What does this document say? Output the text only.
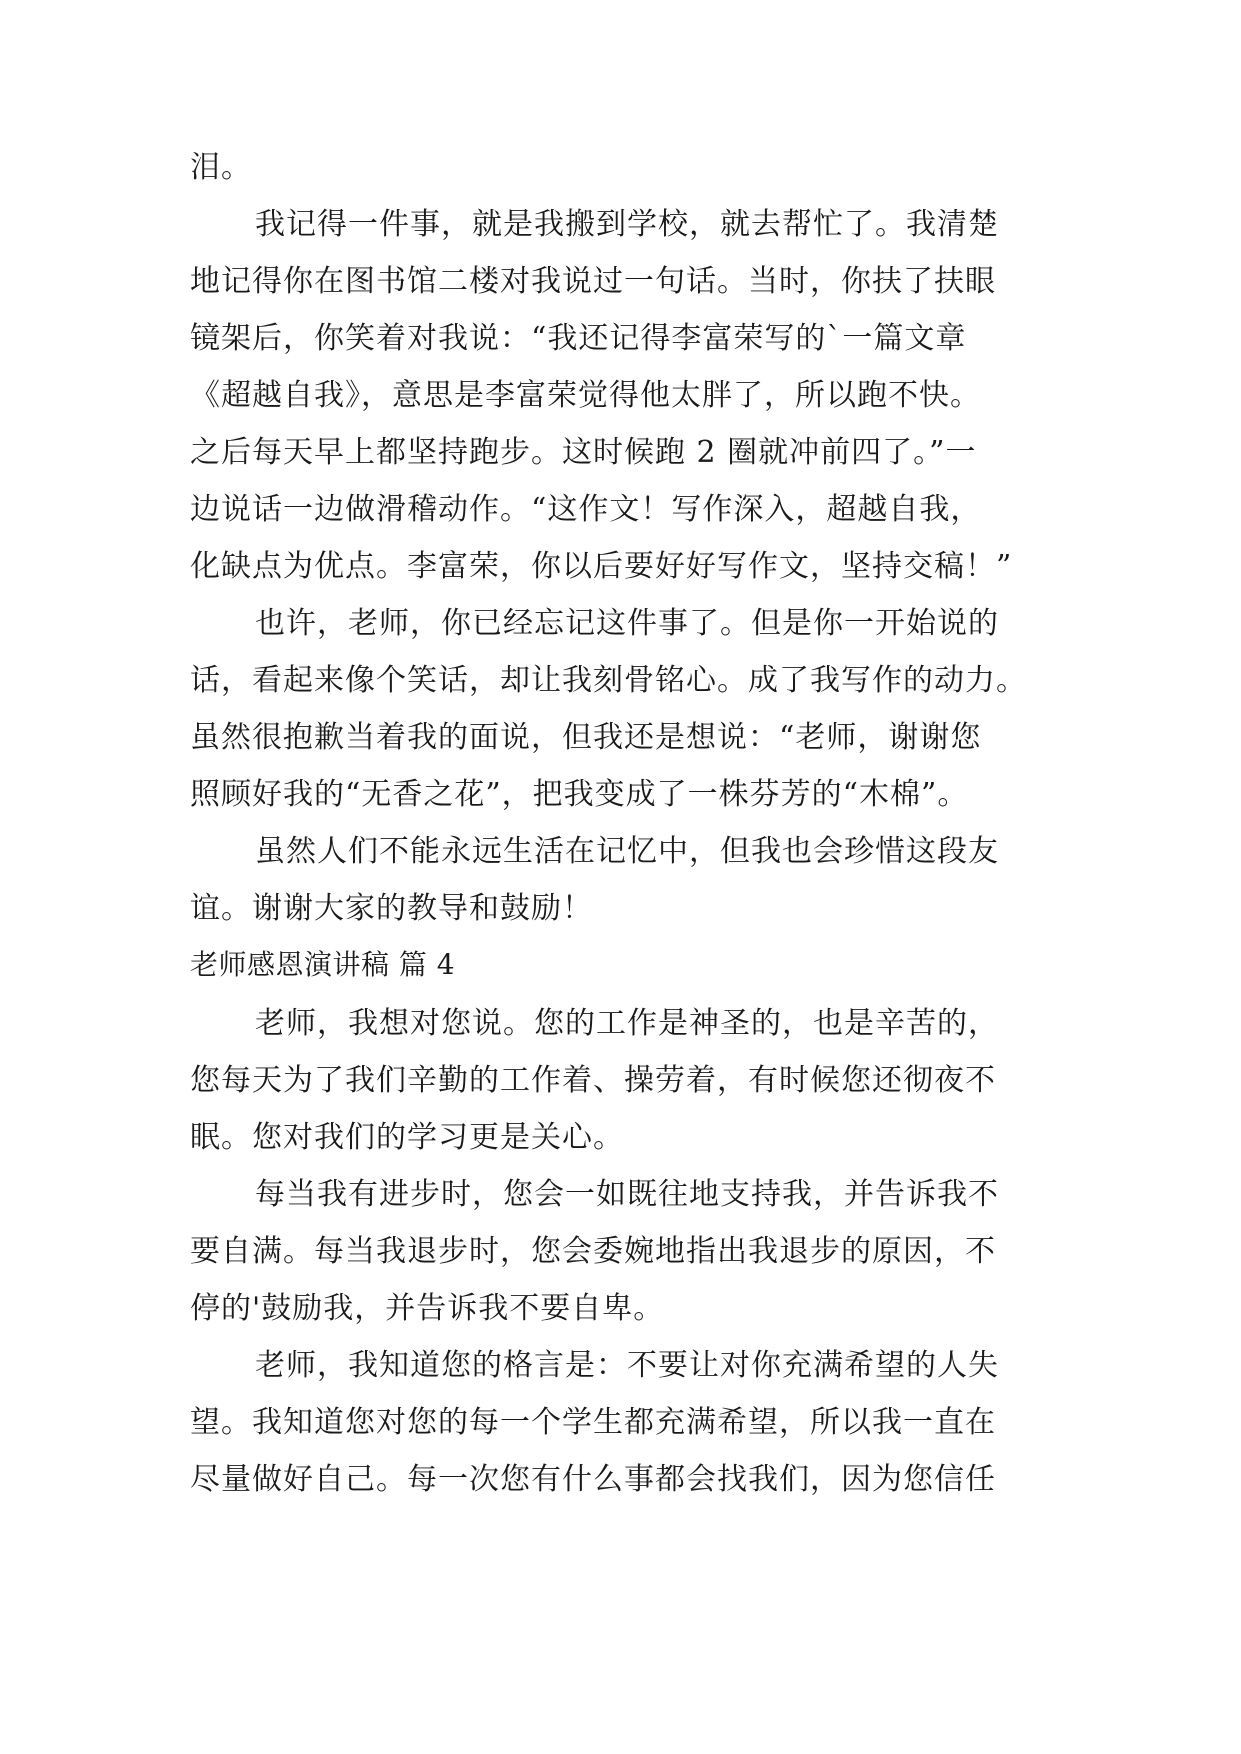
泪。

我记得一件事，就是我搬到学校，就去帮忙了。我清楚

地记得你在图书馆二楼对我说过一句话。当时，你扶了扶眼

镜架后，你笑着对我说：“我还记得李富荣写的`一篇文章

《超越自我》，意思是李富荣觉得他太胖了，所以跑不快。

之后每天早上都坚持跑步。这时候跑 2 圈就冲前四了。”一

边说话一边做滑稽动作。“这作文！写作深入，超越自我，

化缺点为优点。李富荣，你以后要好好写作文，坚持交稿！”

也许，老师，你已经忘记这件事了。但是你一开始说的

话，看起来像个笑话，却让我刻骨铭心。成了我写作的动力。

虽然很抱歉当着我的面说，但我还是想说：“老师，谢谢您

照顾好我的“无香之花”，把我变成了一株芬芳的“木棉”。

虽然人们不能永远生活在记忆中，但我也会珍惜这段友

谊。谢谢大家的教导和鼓励！

老师感恩演讲稿 篇 4

老师，我想对您说。您的工作是神圣的，也是辛苦的，

您每天为了我们辛勤的工作着、操劳着，有时候您还彻夜不

眠。您对我们的学习更是关心。

每当我有进步时，您会一如既往地支持我，并告诉我不

要自满。每当我退步时，您会委婉地指出我退步的原因，不

停的'鼓励我，并告诉我不要自卑。

老师，我知道您的格言是：不要让对你充满希望的人失

望。我知道您对您的每一个学生都充满希望，所以我一直在

尽量做好自己。每一次您有什么事都会找我们，因为您信任
